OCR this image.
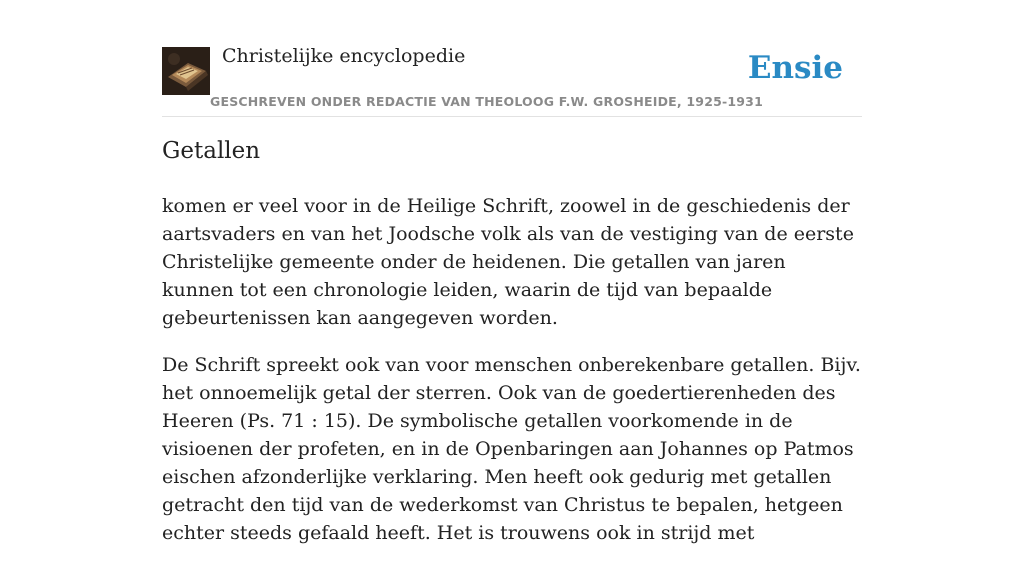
Christelijke encyclopedie
GESCHREVEN ONDER REDACTIE VAN THEOLOOG F.W. GROSHEIDE, 1925-1931
Ensie
Getallen

komen er veel voor in de Heilige Schrift, zoowel in de geschiedenis der aartsvaders en van het Joodsche volk als van de vestiging van de eerste Christelijke gemeente onder de heidenen. Die getallen van jaren kunnen tot een chronologie leiden, waarin de tijd van bepaalde gebeurtenissen kan aangegeven worden.

De Schrift spreekt ook van voor menschen onberekenbare getallen. Bijv. het onnoemelijk getal der sterren. Ook van de goedertierenheden des Heeren (Ps. 71 : 15). De symbolische getallen voorkomende in de visioenen der profeten, en in de Openbaringen aan Johannes op Patmos eischen afzonderlijke verklaring. Men heeft ook gedurig met getallen getracht den tijd van de wederkomst van Christus te bepalen, hetgeen echter steeds gefaald heeft. Het is trouwens ook in strijd met
